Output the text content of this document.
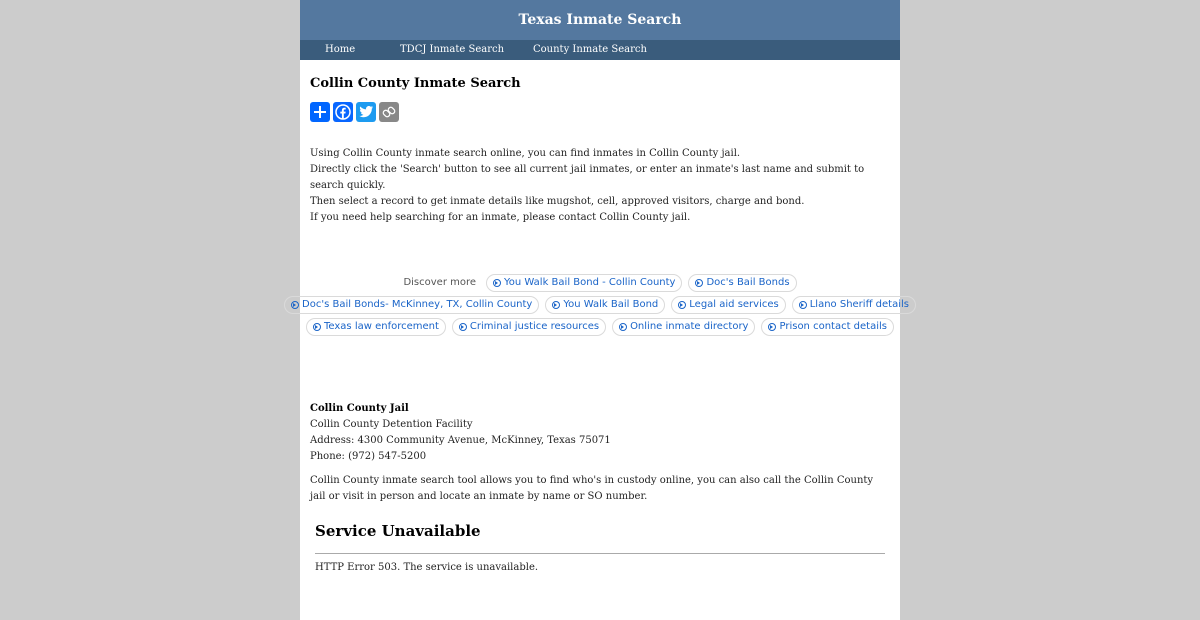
Texas Inmate Search
Home	TDCJ Inmate Search	County Inmate Search
Collin County Inmate Search

Using Collin County inmate search online, you can find inmates in Collin County jail.

Directly click the 'Search' button to see all current jail inmates, or enter an inmate's last name and submit to search quickly.

Then select a record to get inmate details like mugshot, cell, approved visitors, charge and bond.

If you need help searching for an inmate, please contact Collin County jail.

Discover more	You Walk Bail Bond - Collin County	Doc's Bail Bonds
Doc's Bail Bonds- McKinney, TX, Collin County	You Walk Bail Bond	Legal aid services	Llano Sheriff details
Texas law enforcement	Criminal justice resources	Online inmate directory	Prison contact details

Collin County Jail

Collin County Detention Facility

Address: 4300 Community Avenue, McKinney, Texas 75071

Phone: (972) 547-5200

Collin County inmate search tool allows you to find who's in custody online, you can also call the Collin County jail or visit in person and locate an inmate by name or SO number.

Service Unavailable

HTTP Error 503. The service is unavailable.
